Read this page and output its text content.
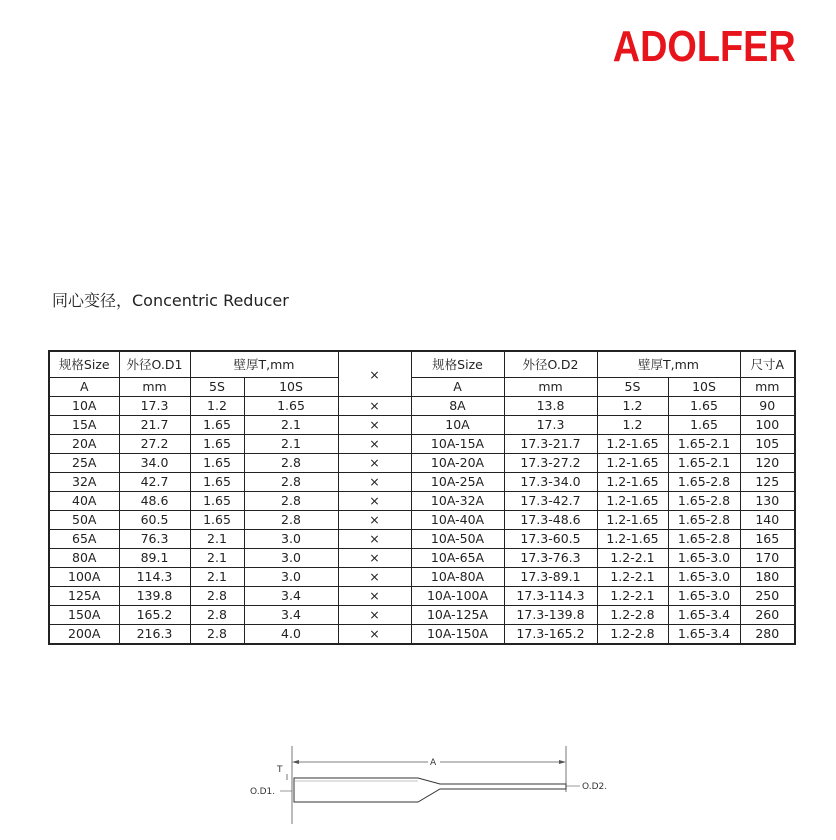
ADOLFER
同心变径，Concentric Reducer
规格Size	外径O.D1	壁厚T,mm		×	规格Size	外径O.D2	壁厚T,mm		尺寸A
A	mm	5S	10S		A	mm	5S	10S	mm
10A	17.3	1.2	1.65	×	8A	13.8	1.2	1.65	90
15A	21.7	1.65	2.1	×	10A	17.3	1.2	1.65	100
20A	27.2	1.65	2.1	×	10A-15A	17.3-21.7	1.2-1.65	1.65-2.1	105
25A	34.0	1.65	2.8	×	10A-20A	17.3-27.2	1.2-1.65	1.65-2.1	120
32A	42.7	1.65	2.8	×	10A-25A	17.3-34.0	1.2-1.65	1.65-2.8	125
40A	48.6	1.65	2.8	×	10A-32A	17.3-42.7	1.2-1.65	1.65-2.8	130
50A	60.5	1.65	2.8	×	10A-40A	17.3-48.6	1.2-1.65	1.65-2.8	140
65A	76.3	2.1	3.0	×	10A-50A	17.3-60.5	1.2-1.65	1.65-2.8	165
80A	89.1	2.1	3.0	×	10A-65A	17.3-76.3	1.2-2.1	1.65-3.0	170
100A	114.3	2.1	3.0	×	10A-80A	17.3-89.1	1.2-2.1	1.65-3.0	180
125A	139.8	2.8	3.4	×	10A-100A	17.3-114.3	1.2-2.1	1.65-3.0	250
150A	165.2	2.8	3.4	×	10A-125A	17.3-139.8	1.2-2.8	1.65-3.4	260
200A	216.3	2.8	4.0	×	10A-150A	17.3-165.2	1.2-2.8	1.65-3.4	280
A
T
O.D1.	O.D2.
